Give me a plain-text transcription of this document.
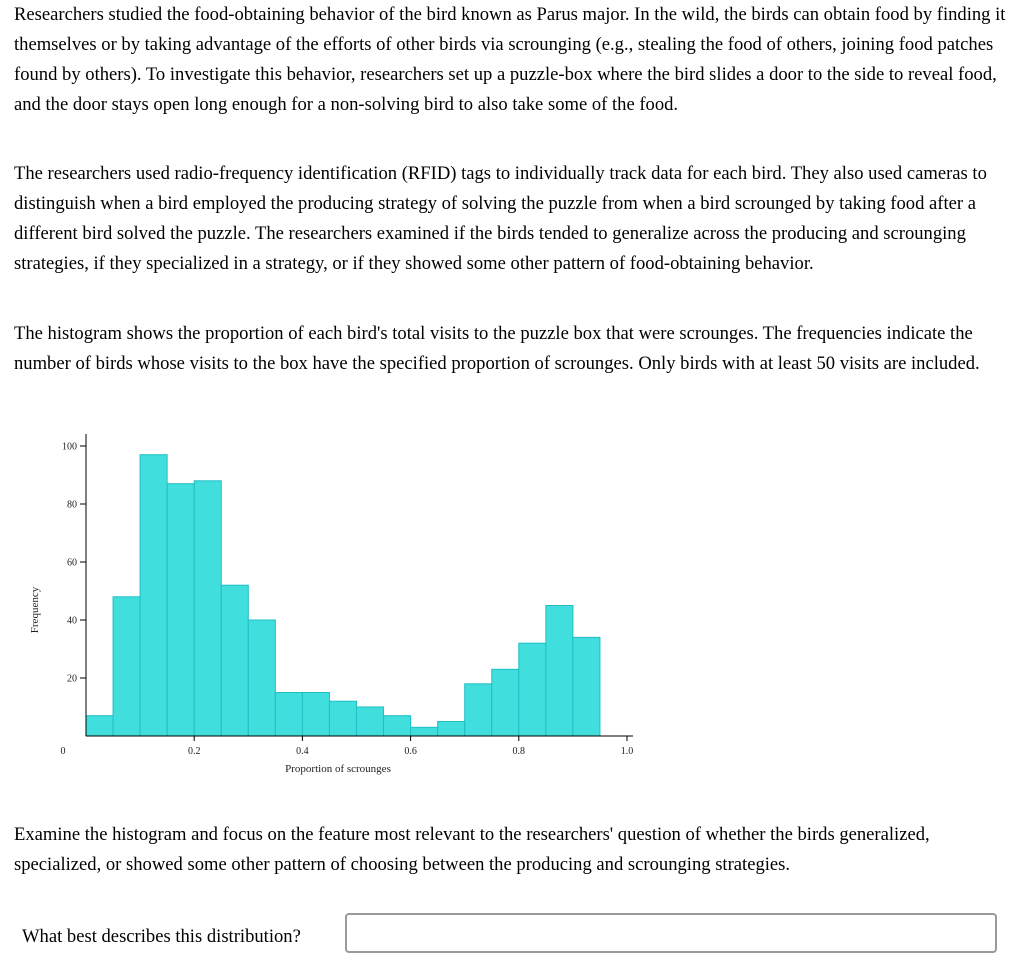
Researchers studied the food-obtaining behavior of the bird known as Parus major. In the wild, the birds can obtain food by finding it themselves or by taking advantage of the efforts of other birds via scrounging (e.g., stealing the food of others, joining food patches found by others). To investigate this behavior, researchers set up a puzzle-box where the bird slides a door to the side to reveal food, and the door stays open long enough for a non-solving bird to also take some of the food.

The researchers used radio-frequency identification (RFID) tags to individually track data for each bird. They also used cameras to distinguish when a bird employed the producing strategy of solving the puzzle from when a bird scrounged by taking food after a different bird solved the puzzle. The researchers examined if the birds tended to generalize across the producing and scrounging strategies, if they specialized in a strategy, or if they showed some other pattern of food-obtaining behavior.

The histogram shows the proportion of each bird's total visits to the puzzle box that were scrounges. The frequencies indicate the number of birds whose visits to the box have the specified proportion of scrounges. Only birds with at least 50 visits are included.

20
40
60
80
100
0	0.2	0.4	0.6	0.8	1.0
Proportion of scrounges
Frequency

Examine the histogram and focus on the feature most relevant to the researchers' question of whether the birds generalized, specialized, or showed some other pattern of choosing between the producing and scrounging strategies.

What best describes this distribution?
